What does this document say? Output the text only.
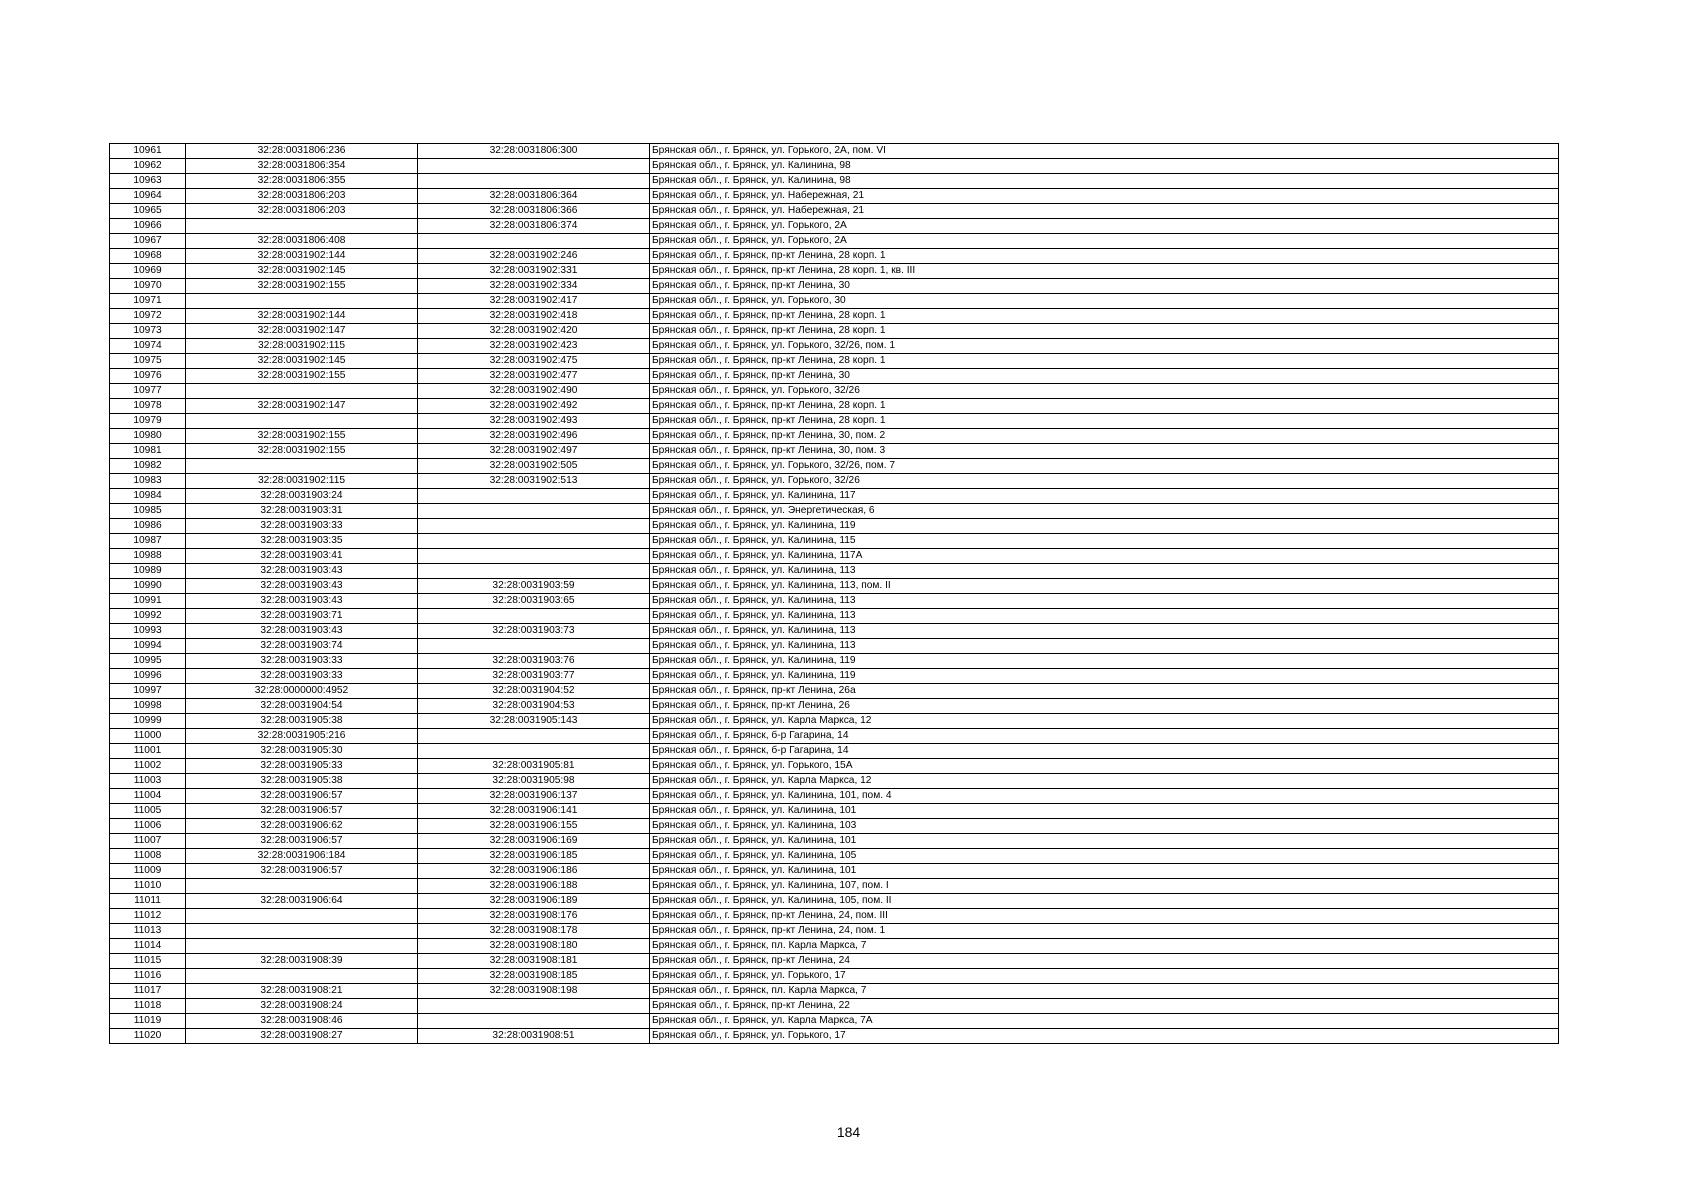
10961	32:28:0031806:236	32:28:0031806:300	Брянская обл., г. Брянск, ул. Горького, 2А, пом. VI
10962	32:28:0031806:354		Брянская обл., г. Брянск, ул. Калинина, 98
10963	32:28:0031806:355		Брянская обл., г. Брянск, ул. Калинина, 98
10964	32:28:0031806:203	32:28:0031806:364	Брянская обл., г. Брянск, ул. Набережная, 21
10965	32:28:0031806:203	32:28:0031806:366	Брянская обл., г. Брянск, ул. Набережная, 21
10966		32:28:0031806:374	Брянская обл., г. Брянск, ул. Горького, 2А
10967	32:28:0031806:408		Брянская обл., г. Брянск, ул. Горького, 2А
10968	32:28:0031902:144	32:28:0031902:246	Брянская обл., г. Брянск, пр-кт Ленина, 28 корп. 1
10969	32:28:0031902:145	32:28:0031902:331	Брянская обл., г. Брянск, пр-кт Ленина, 28 корп. 1, кв. III
10970	32:28:0031902:155	32:28:0031902:334	Брянская обл., г. Брянск, пр-кт Ленина, 30
10971		32:28:0031902:417	Брянская обл., г. Брянск, ул. Горького, 30
10972	32:28:0031902:144	32:28:0031902:418	Брянская обл., г. Брянск, пр-кт Ленина, 28 корп. 1
10973	32:28:0031902:147	32:28:0031902:420	Брянская обл., г. Брянск, пр-кт Ленина, 28 корп. 1
10974	32:28:0031902:115	32:28:0031902:423	Брянская обл., г. Брянск, ул. Горького, 32/26, пом. 1
10975	32:28:0031902:145	32:28:0031902:475	Брянская обл., г. Брянск, пр-кт Ленина, 28 корп. 1
10976	32:28:0031902:155	32:28:0031902:477	Брянская обл., г. Брянск, пр-кт Ленина, 30
10977		32:28:0031902:490	Брянская обл., г. Брянск, ул. Горького, 32/26
10978	32:28:0031902:147	32:28:0031902:492	Брянская обл., г. Брянск, пр-кт Ленина, 28 корп. 1
10979		32:28:0031902:493	Брянская обл., г. Брянск, пр-кт Ленина, 28 корп. 1
10980	32:28:0031902:155	32:28:0031902:496	Брянская обл., г. Брянск, пр-кт Ленина, 30, пом. 2
10981	32:28:0031902:155	32:28:0031902:497	Брянская обл., г. Брянск, пр-кт Ленина, 30, пом. 3
10982		32:28:0031902:505	Брянская обл., г. Брянск, ул. Горького, 32/26, пом. 7
10983	32:28:0031902:115	32:28:0031902:513	Брянская обл., г. Брянск, ул. Горького, 32/26
10984	32:28:0031903:24		Брянская обл., г. Брянск, ул. Калинина, 117
10985	32:28:0031903:31		Брянская обл., г. Брянск, ул. Энергетическая, 6
10986	32:28:0031903:33		Брянская обл., г. Брянск, ул. Калинина, 119
10987	32:28:0031903:35		Брянская обл., г. Брянск, ул. Калинина, 115
10988	32:28:0031903:41		Брянская обл., г. Брянск, ул. Калинина, 117А
10989	32:28:0031903:43		Брянская обл., г. Брянск, ул. Калинина, 113
10990	32:28:0031903:43	32:28:0031903:59	Брянская обл., г. Брянск, ул. Калинина, 113, пом. II
10991	32:28:0031903:43	32:28:0031903:65	Брянская обл., г. Брянск, ул. Калинина, 113
10992	32:28:0031903:71		Брянская обл., г. Брянск, ул. Калинина, 113
10993	32:28:0031903:43	32:28:0031903:73	Брянская обл., г. Брянск, ул. Калинина, 113
10994	32:28:0031903:74		Брянская обл., г. Брянск, ул. Калинина, 113
10995	32:28:0031903:33	32:28:0031903:76	Брянская обл., г. Брянск, ул. Калинина, 119
10996	32:28:0031903:33	32:28:0031903:77	Брянская обл., г. Брянск, ул. Калинина, 119
10997	32:28:0000000:4952	32:28:0031904:52	Брянская обл., г. Брянск, пр-кт Ленина, 26а
10998	32:28:0031904:54	32:28:0031904:53	Брянская обл., г. Брянск, пр-кт Ленина, 26
10999	32:28:0031905:38	32:28:0031905:143	Брянская обл., г. Брянск, ул. Карла Маркса, 12
11000	32:28:0031905:216		Брянская обл., г. Брянск, б-р Гагарина, 14
11001	32:28:0031905:30		Брянская обл., г. Брянск, б-р Гагарина, 14
11002	32:28:0031905:33	32:28:0031905:81	Брянская обл., г. Брянск, ул. Горького, 15А
11003	32:28:0031905:38	32:28:0031905:98	Брянская обл., г. Брянск, ул. Карла Маркса, 12
11004	32:28:0031906:57	32:28:0031906:137	Брянская обл., г. Брянск, ул. Калинина, 101, пом. 4
11005	32:28:0031906:57	32:28:0031906:141	Брянская обл., г. Брянск, ул. Калинина, 101
11006	32:28:0031906:62	32:28:0031906:155	Брянская обл., г. Брянск, ул. Калинина, 103
11007	32:28:0031906:57	32:28:0031906:169	Брянская обл., г. Брянск, ул. Калинина, 101
11008	32:28:0031906:184	32:28:0031906:185	Брянская обл., г. Брянск, ул. Калинина, 105
11009	32:28:0031906:57	32:28:0031906:186	Брянская обл., г. Брянск, ул. Калинина, 101
11010		32:28:0031906:188	Брянская обл., г. Брянск, ул. Калинина, 107, пом. I
11011	32:28:0031906:64	32:28:0031906:189	Брянская обл., г. Брянск, ул. Калинина, 105, пом. II
11012		32:28:0031908:176	Брянская обл., г. Брянск, пр-кт Ленина, 24, пом. III
11013		32:28:0031908:178	Брянская обл., г. Брянск, пр-кт Ленина, 24, пом. 1
11014		32:28:0031908:180	Брянская обл., г. Брянск, пл. Карла Маркса, 7
11015	32:28:0031908:39	32:28:0031908:181	Брянская обл., г. Брянск, пр-кт Ленина, 24
11016		32:28:0031908:185	Брянская обл., г. Брянск, ул. Горького, 17
11017	32:28:0031908:21	32:28:0031908:198	Брянская обл., г. Брянск, пл. Карла Маркса, 7
11018	32:28:0031908:24		Брянская обл., г. Брянск, пр-кт Ленина, 22
11019	32:28:0031908:46		Брянская обл., г. Брянск, ул. Карла Маркса, 7А
11020	32:28:0031908:27	32:28:0031908:51	Брянская обл., г. Брянск, ул. Горького, 17
184
